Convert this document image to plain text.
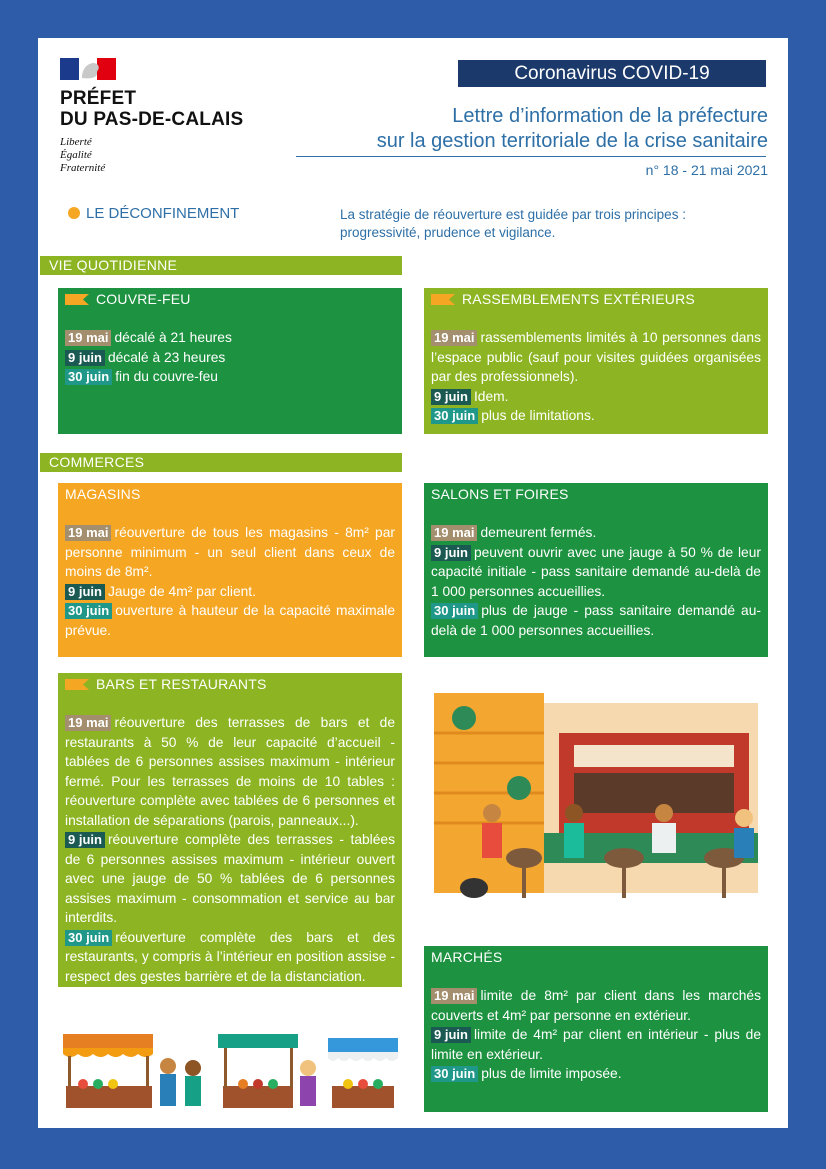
PRÉFET
DU PAS-DE-CALAIS
Liberté
Égalité
Fraternité
Coronavirus COVID-19
Lettre d’information de la préfecture
sur la gestion territoriale de la crise sanitaire
n° 18 - 21 mai 2021
LE DÉCONFINEMENT	La stratégie de réouverture est guidée par trois principes :
progressivité, prudence et vigilance.
VIE QUOTIDIENNE
COUVRE-FEU
19 mai décalé à 21 heures
9 juin décalé à 23 heures
30 juin fin du couvre-feu
RASSEMBLEMENTS EXTÉRIEURS
19 mai rassemblements limités à 10 personnes dans l’espace public (sauf pour visites guidées organisées par des professionnels).
9 juin Idem.
30 juin plus de limitations.
COMMERCES
MAGASINS
19 mai réouverture de tous les magasins - 8m² par personne minimum - un seul client dans ceux de moins de 8m².
9 juin Jauge de 4m² par client.
30 juin ouverture à hauteur de la capacité maximale prévue.
SALONS ET FOIRES
19 mai demeurent fermés.
9 juin peuvent ouvrir avec une jauge à 50 % de leur capacité initiale - pass sanitaire demandé au-delà de 1 000 personnes accueillies.
30 juin plus de jauge - pass sanitaire demandé au-delà de 1 000 personnes accueillies.
BARS ET RESTAURANTS
19 mai réouverture des terrasses de bars et de restaurants à 50 % de leur capacité d’accueil - tablées de 6 personnes assises maximum - intérieur fermé. Pour les terrasses de moins de 10 tables : réouverture complète avec tablées de 6 personnes et installation de séparations (parois, panneaux...).
9 juin réouverture complète des terrasses - tablées de 6 personnes assises maximum - intérieur ouvert avec une jauge de 50 % tablées de 6 personnes assises maximum - consommation et service au bar interdits.
30 juin réouverture complète des bars et des restaurants, y compris à l’intérieur en position assise - respect des gestes barrière et de la distanciation.
MARCHÉS
19 mai limite de 8m² par client dans les marchés couverts et 4m² par personne en extérieur.
9 juin limite de 4m² par client en intérieur - plus de limite en extérieur.
30 juin plus de limite imposée.
